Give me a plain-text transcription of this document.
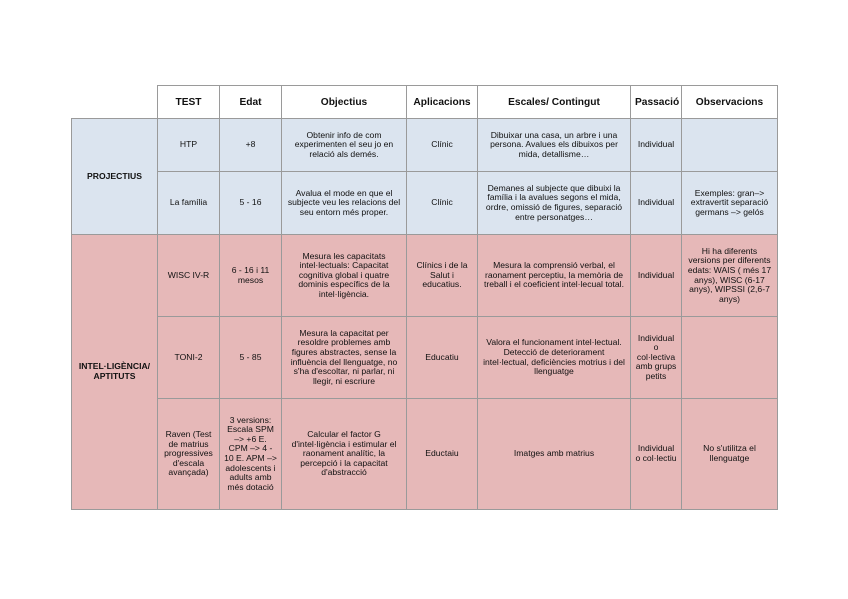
	TEST	Edat	Objectius	Aplicacions	Escales/ Contingut	Passació	Observacions
PROJECTIUS	HTP	+8	Obtenir info de com experimenten el seu jo en relació als demés.	Clínic	Dibuixar una casa, un arbre i una persona. Avalues els dibuixos per mida, detallisme…	Individual	
	La família	5 - 16	Avalua el mode en que el subjecte veu les relacions del seu entorn més proper.	Clínic	Demanes al subjecte que dibuixi la família i la avalues segons el mida, ordre, omissió de figures, separació entre personatges…	Individual	Exemples: gran–> extravertit separació germans –> gelós
INTEL·LIGÈNCIA/ APTITUTS	WISC IV-R	6 - 16 i 11 mesos	Mesura les capacitats intel·lectuals: Capacitat cognitiva global i quatre dominis específics de la intel·ligència.	Clínics i de la Salut i educatius.	Mesura la comprensió verbal, el raonament perceptiu, la memòria de treball i el coeficient intel·lecual total.	Individual	Hi ha diferents versions per diferents edats: WAIS ( més 17 anys), WISC (6-17 anys), WIPSSI (2,6-7 anys)
	TONI-2	5 - 85	Mesura la capacitat per resoldre problemes amb figures abstractes, sense la influència del llenguatge, no s'ha d'escoltar, ni parlar, ni llegir, ni escriure	Educatiu	Valora el funcionament intel·lectual. Detecció de deteriorament intel·lectual, deficiències motrius i del llenguatge	Individual o col·lectiva amb grups petits	
	Raven (Test de matrius progressives d'escala avançada)	3 versions: Escala SPM –> +6 E. CPM –> 4 - 10 E. APM –> adolescents i adults amb més dotació	Calcular el factor G d'intel·ligència i estimular el raonament analític, la percepció i la capacitat d'abstracció	Eductaiu	Imatges amb matrius	Individual o col·lectiu	No s'utilitza el llenguatge
